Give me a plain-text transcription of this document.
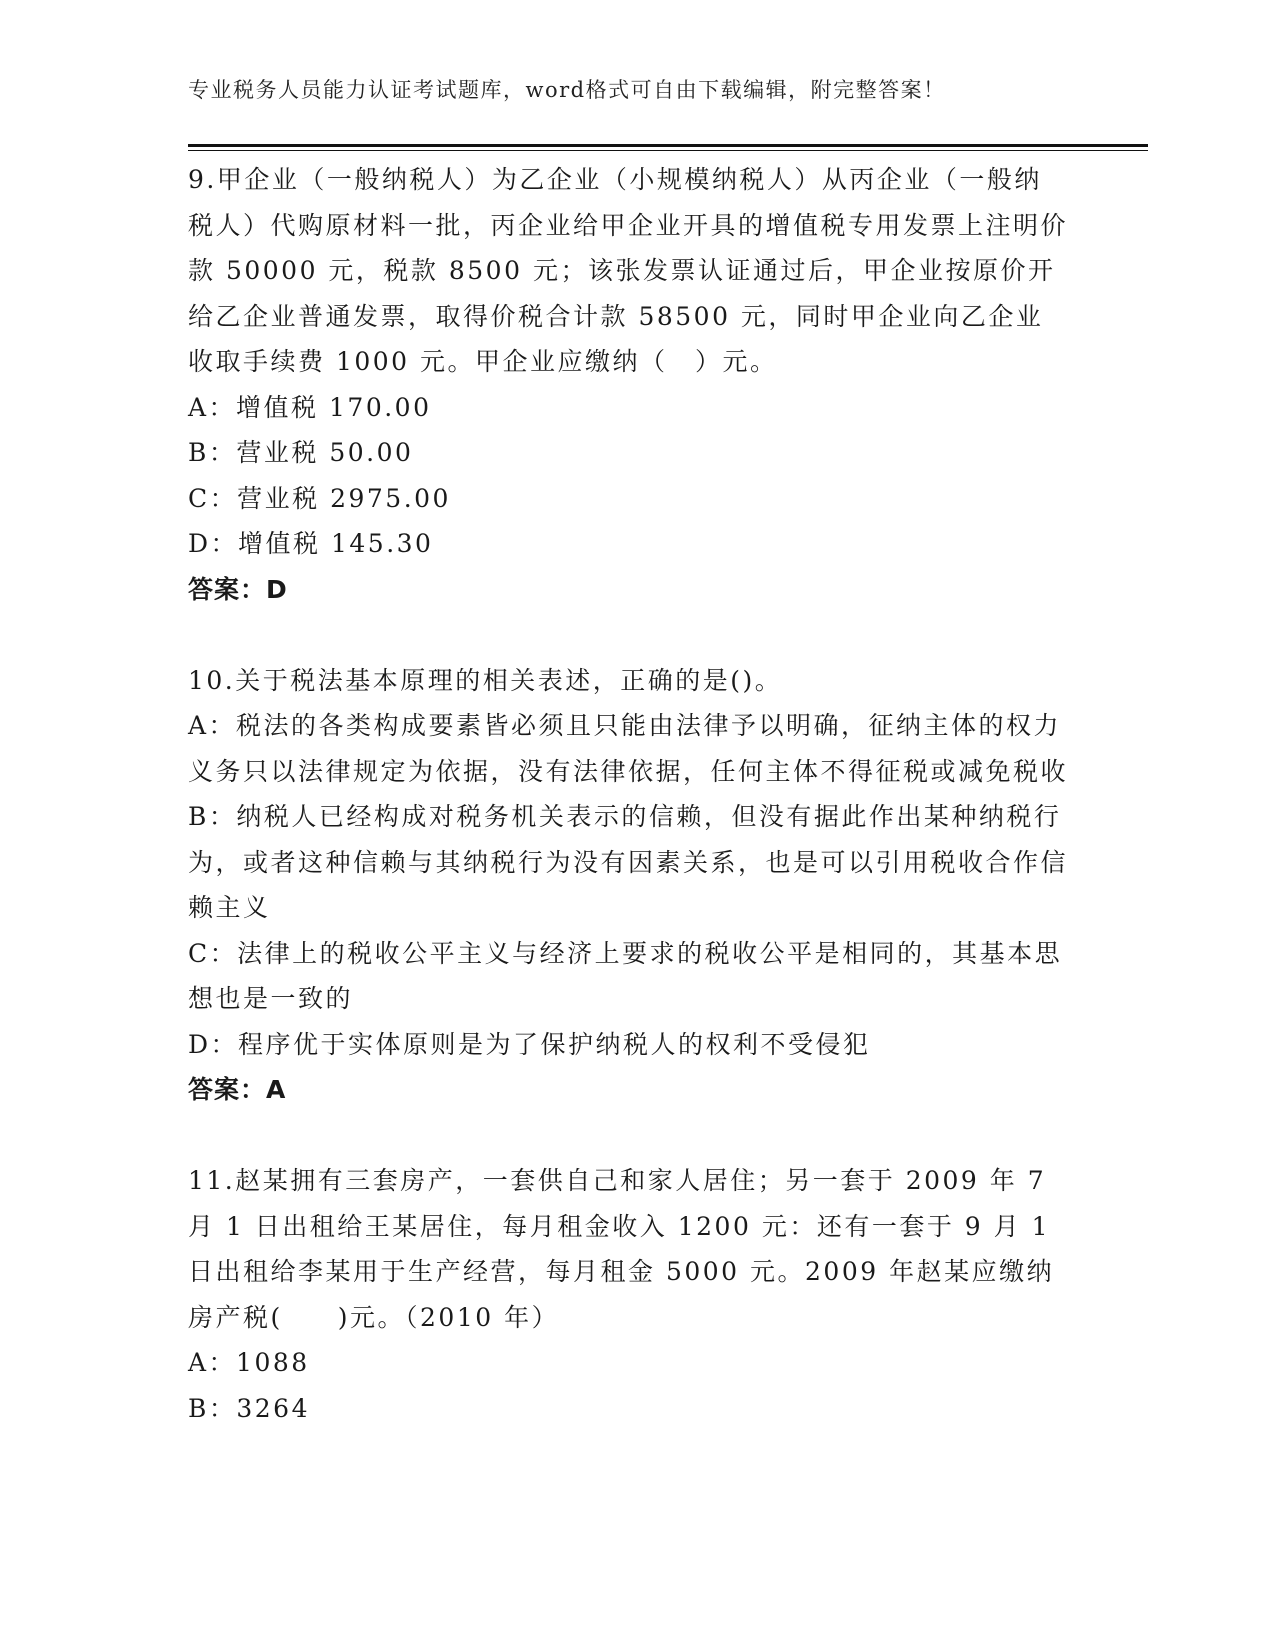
专业税务人员能力认证考试题库，word格式可自由下载编辑，附完整答案！

9.甲企业（一般纳税人）为乙企业（小规模纳税人）从丙企业（一般纳税人）代购原材料一批，丙企业给甲企业开具的增值税专用发票上注明价款 50000 元，税款 8500 元；该张发票认证通过后，甲企业按原价开给乙企业普通发票，取得价税合计款 58500 元，同时甲企业向乙企业收取手续费 1000 元。甲企业应缴纳（　）元。

A：增值税 170.00

B：营业税 50.00

C：营业税 2975.00

D：增值税 145.30

答案：D

10.关于税法基本原理的相关表述，正确的是()。

A：税法的各类构成要素皆必须且只能由法律予以明确，征纳主体的权力义务只以法律规定为依据，没有法律依据，任何主体不得征税或减免税收

B：纳税人已经构成对税务机关表示的信赖，但没有据此作出某种纳税行为，或者这种信赖与其纳税行为没有因素关系，也是可以引用税收合作信赖主义

C：法律上的税收公平主义与经济上要求的税收公平是相同的，其基本思想也是一致的

D：程序优于实体原则是为了保护纳税人的权利不受侵犯

答案：A

11.赵某拥有三套房产，一套供自己和家人居住；另一套于 2009 年 7 月 1 日出租给王某居住，每月租金收入 1200 元：还有一套于 9 月 1 日出租给李某用于生产经营，每月租金 5000 元。2009 年赵某应缴纳房产税(　　)元。（2010 年）

A：1088

B：3264
